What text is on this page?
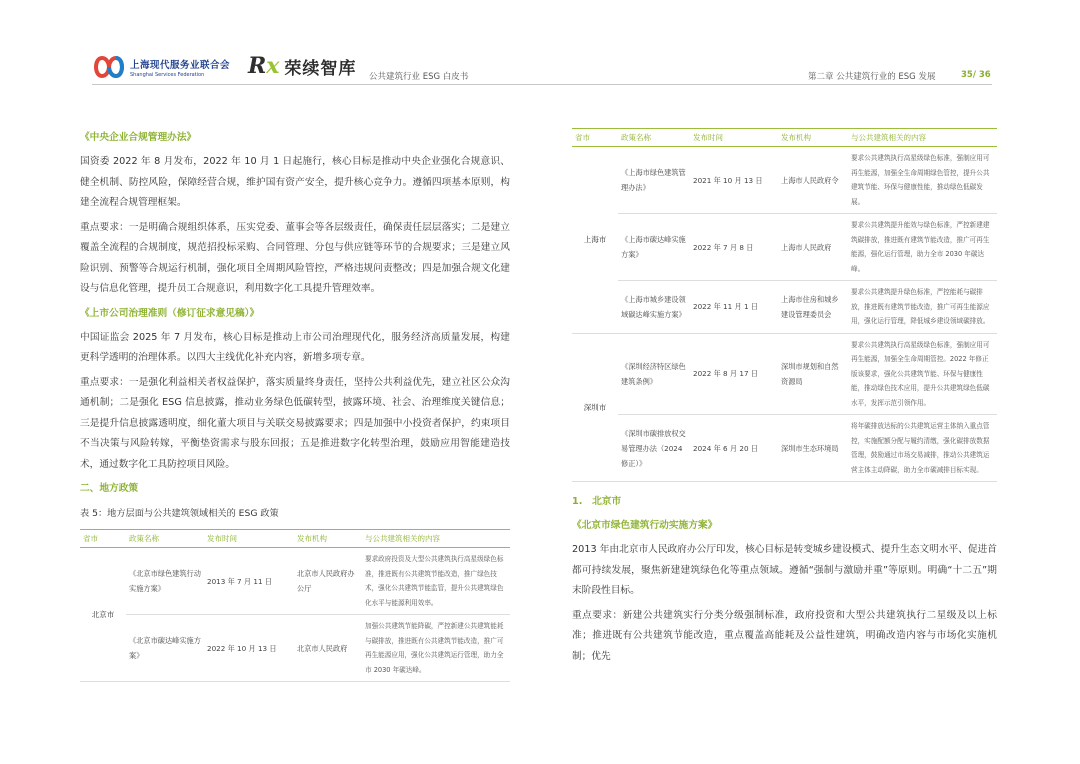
上海现代服务业联合会
Shanghai Services Federation	Rx 荣续智库 公共建筑行业 ESG 白皮书	第二章 公共建筑行业的 ESG 发展	35/ 36

《中央企业合规管理办法》

国资委 2022 年 8 月发布，2022 年 10 月 1 日起施行，核心目标是推动中央企业强化合规意识、健全机制、防控风险，保障经营合规，维护国有资产安全，提升核心竞争力。遵循四项基本原则，构建全流程合规管理框架。

重点要求：一是明确合规组织体系，压实党委、董事会等各层级责任，确保责任层层落实；二是建立覆盖全流程的合规制度，规范招投标采购、合同管理、分包与供应链等环节的合规要求；三是建立风险识别、预警等合规运行机制，强化项目全周期风险管控，严格违规问责整改；四是加强合规文化建设与信息化管理，提升员工合规意识，利用数字化工具提升管理效率。

《上市公司治理准则（修订征求意见稿）》

中国证监会 2025 年 7 月发布，核心目标是推动上市公司治理现代化，服务经济高质量发展，构建更科学透明的治理体系。以四大主线优化补充内容，新增多项专章。

重点要求：一是强化利益相关者权益保护，落实质量终身责任，坚持公共利益优先，建立社区公众沟通机制；二是强化 ESG 信息披露，推动业务绿色低碳转型，披露环境、社会、治理维度关键信息；三是提升信息披露透明度，细化董大项目与关联交易披露要求；四是加强中小投资者保护，约束项目不当决策与风险转嫁，平衡垫资需求与股东回报；五是推进数字化转型治理，鼓励应用智能建造技术，通过数字化工具防控项目风险。

二、地方政策

表 5：地方层面与公共建筑领域相关的 ESG 政策

省市	政策名称	发布时间	发布机构	与公共建筑相关的内容
北京市	《北京市绿色建筑行动实施方案》	2013 年 7 月 11 日	北京市人民政府办公厅	要求政府投资及大型公共建筑执行高星级绿色标准，推进既有公共建筑节能改造，推广绿色技术，强化公共建筑节能监管，提升公共建筑绿色化水平与能源利用效率。
	《北京市碳达峰实施方案》	2022 年 10 月 13 日	北京市人民政府	加强公共建筑节能降碳，严控新建公共建筑能耗与碳排放，推进既有公共建筑节能改造，推广可再生能源应用，强化公共建筑运行管理，助力全市 2030 年碳达峰。
省市	政策名称	发布时间	发布机构	与公共建筑相关的内容
上海市	《上海市绿色建筑管理办法》	2021 年 10 月 13 日	上海市人民政府令	要求公共建筑执行高星级绿色标准，强制应用可再生能源，加强全生命周期绿色管控，提升公共建筑节能、环保与健康性能，推动绿色低碳发展。
	《上海市碳达峰实施方案》	2022 年 7 月 8 日	上海市人民政府	要求公共建筑提升能效与绿色标准，严控新建建筑碳排放，推进既有建筑节能改造，推广可再生能源，强化运行管理，助力全市 2030 年碳达峰。
	《上海市城乡建设领域碳达峰实施方案》	2022 年 11 月 1 日	上海市住房和城乡建设管理委员会	要求公共建筑提升绿色标准，严控能耗与碳排放，推进既有建筑节能改造，推广可再生能源应用，强化运行管理，降低城乡建设领域碳排放。
深圳市	《深圳经济特区绿色建筑条例》	2022 年 8 月 17 日	深圳市规划和自然资源局	要求公共建筑执行高星级绿色标准，强制应用可再生能源，加强全生命周期管控。2022 年修正版该要求，强化公共建筑节能、环保与健康性能，推动绿色技术应用，提升公共建筑绿色低碳水平，发挥示范引领作用。
	《深圳市碳排放权交易管理办法（2024 修正）》	2024 年 6 月 20 日	深圳市生态环境局	将年碳排放达标的公共建筑运营主体纳入重点管控，实施配额分配与履约清缴，强化碳排放数据管理，鼓励通过市场交易减排，推动公共建筑运营主体主动降碳，助力全市碳减排目标实现。

1.　北京市

《北京市绿色建筑行动实施方案》

2013 年由北京市人民政府办公厅印发，核心目标是转变城乡建设模式、提升生态文明水平、促进首都可持续发展，聚焦新建建筑绿色化等重点领域。遵循“强制与激励并重”等原则。明确“十二五”期末阶段性目标。

重点要求：新建公共建筑实行分类分级强制标准，政府投资和大型公共建筑执行二星级及以上标准；推进既有公共建筑节能改造，重点覆盖高能耗及公益性建筑，明确改造内容与市场化实施机制；优先
